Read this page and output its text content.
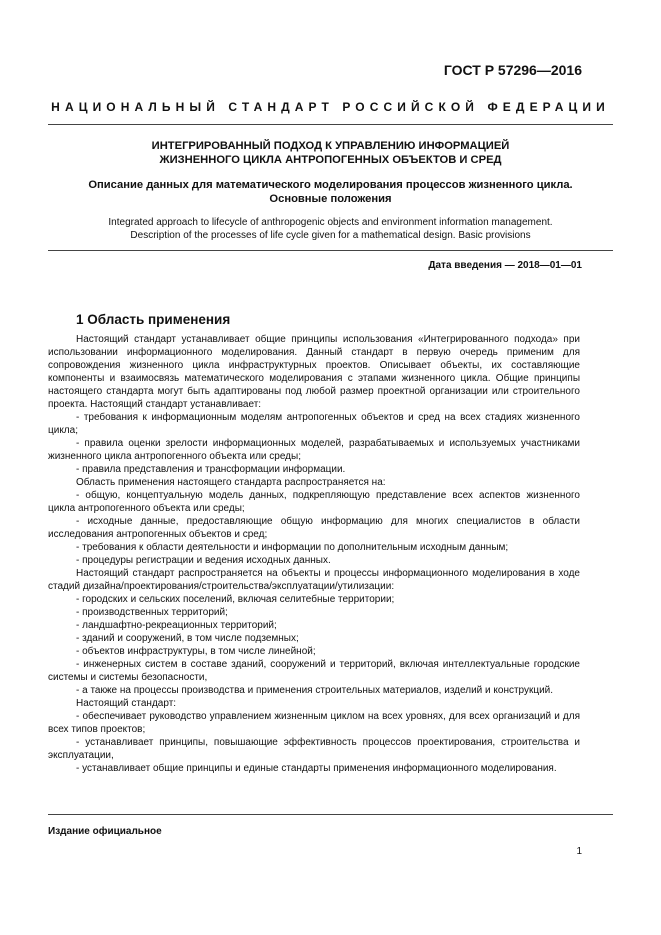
ГОСТ Р 57296—2016
НАЦИОНАЛЬНЫЙ СТАНДАРТ РОССИЙСКОЙ ФЕДЕРАЦИИ
ИНТЕГРИРОВАННЫЙ ПОДХОД К УПРАВЛЕНИЮ ИНФОРМАЦИЕЙ
ЖИЗНЕННОГО ЦИКЛА АНТРОПОГЕННЫХ ОБЪЕКТОВ И СРЕД
Описание данных для математического моделирования процессов жизненного цикла.
Основные положения
Integrated approach to lifecycle of anthropogenic objects and environment information management.
Description of the processes of life cycle given for a mathematical design. Basic provisions
Дата введения — 2018—01—01
1 Область применения

Настоящий стандарт устанавливает общие принципы использования «Интегрированного подхода» при использовании информационного моделирования. Данный стандарт в первую очередь применим для сопровождения жизненного цикла инфраструктурных проектов. Описывает объекты, их составляющие компоненты и взаимосвязь математического моделирования с этапами жизненного цикла. Общие принципы настоящего стандарта могут быть адаптированы под любой размер проектной организации или строительного проекта. Настоящий стандарт устанавливает:

- требования к информационным моделям антропогенных объектов и сред на всех стадиях жизненного цикла;

- правила оценки зрелости информационных моделей, разрабатываемых и используемых участниками жизненного цикла антропогенного объекта или среды;

- правила представления и трансформации информации.

Область применения настоящего стандарта распространяется на:

- общую, концептуальную модель данных, подкрепляющую представление всех аспектов жизненного цикла антропогенного объекта или среды;

- исходные данные, предоставляющие общую информацию для многих специалистов в области исследования антропогенных объектов и сред;

- требования к области деятельности и информации по дополнительным исходным данным;

- процедуры регистрации и ведения исходных данных.

Настоящий стандарт распространяется на объекты и процессы информационного моделирования в ходе стадий дизайна/проектирования/строительства/эксплуатации/утилизации:

- городских и сельских поселений, включая селитебные территории;

- производственных территорий;

- ландшафтно-рекреационных территорий;

- зданий и сооружений, в том числе подземных;

- объектов инфраструктуры, в том числе линейной;

- инженерных систем в составе зданий, сооружений и территорий, включая интеллектуальные городские системы и системы безопасности,

- а также на процессы производства и применения строительных материалов, изделий и конструкций.

Настоящий стандарт:

- обеспечивает руководство управлением жизненным циклом на всех уровнях, для всех организаций и для всех типов проектов;

- устанавливает принципы, повышающие эффективность процессов проектирования, строительства и эксплуатации,

- устанавливает общие принципы и единые стандарты применения информационного моделирования.

Издание официальное
1
